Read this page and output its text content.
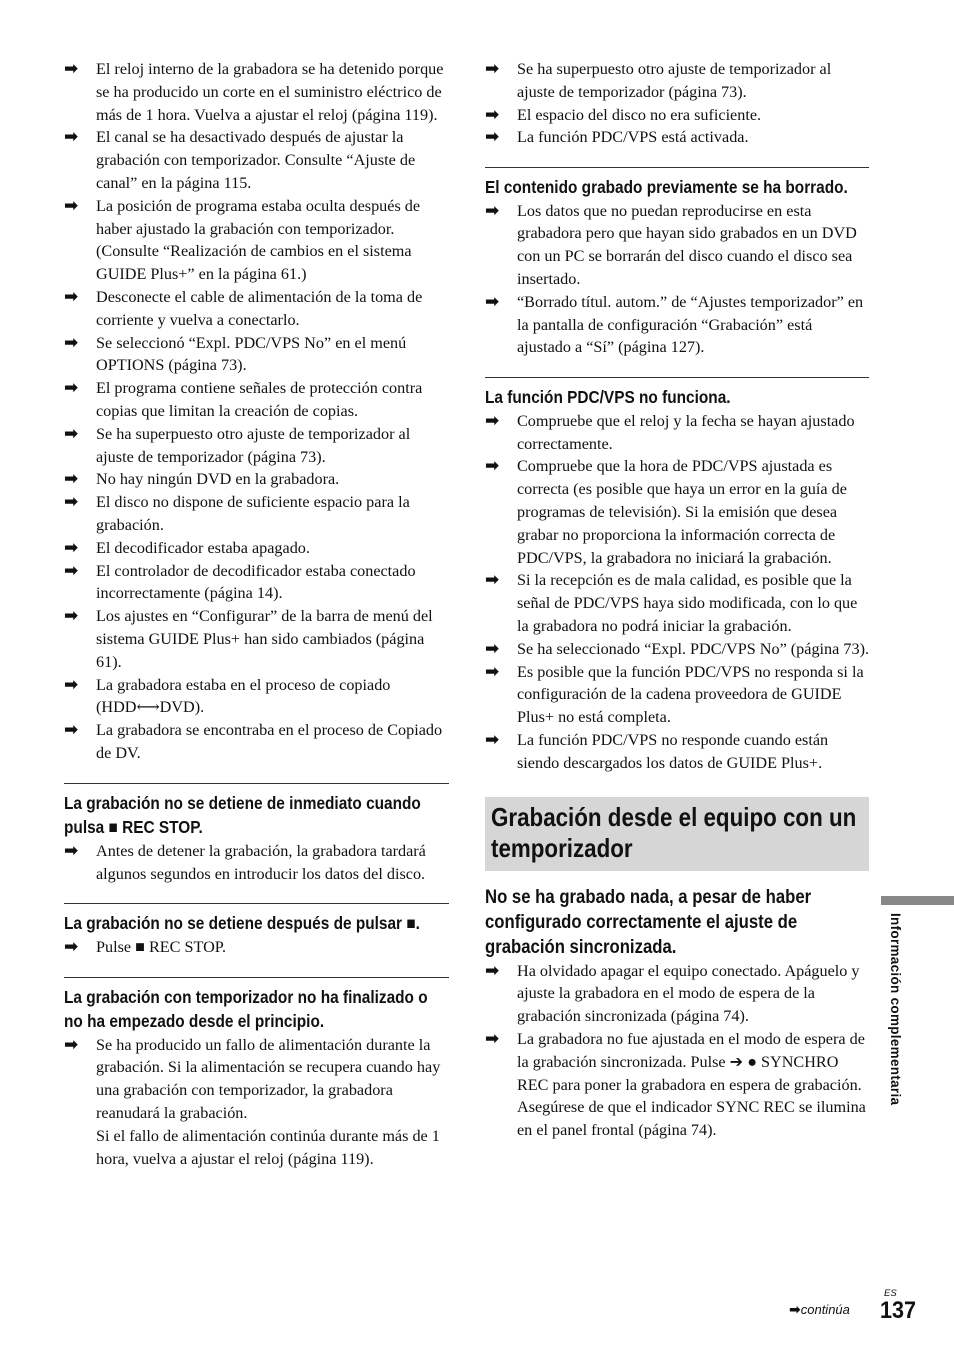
➡ El reloj interno de la grabadora se ha detenido porque se ha producido un corte en el suministro eléctrico de más de 1 hora. Vuelva a ajustar el reloj (página 119).
➡ El canal se ha desactivado después de ajustar la grabación con temporizador. Consulte “Ajuste de canal” en la página 115.
➡ La posición de programa estaba oculta después de haber ajustado la grabación con temporizador. (Consulte “Realización de cambios en el sistema GUIDE Plus+” en la página 61.)
➡ Desconecte el cable de alimentación de la toma de corriente y vuelva a conectarlo.
➡ Se seleccionó “Expl. PDC/VPS No” en el menú OPTIONS (página 73).
➡ El programa contiene señales de protección contra copias que limitan la creación de copias.
➡ Se ha superpuesto otro ajuste de temporizador al ajuste de temporizador (página 73).
➡ No hay ningún DVD en la grabadora.
➡ El disco no dispone de suficiente espacio para la grabación.
➡ El decodificador estaba apagado.
➡ El controlador de decodificador estaba conectado incorrectamente (página 14).
➡ Los ajustes en “Configurar” de la barra de menú del sistema GUIDE Plus+ han sido cambiados (página 61).
➡ La grabadora estaba en el proceso de copiado (HDD⟷DVD).
➡ La grabadora se encontraba en el proceso de Copiado de DV.
La grabación no se detiene de inmediato cuando pulsa ■ REC STOP.
➡ Antes de detener la grabación, la grabadora tardará algunos segundos en introducir los datos del disco.
La grabación no se detiene después de pulsar ■.
➡ Pulse ■ REC STOP.
La grabación con temporizador no ha finalizado o no ha empezado desde el principio.
➡ Se ha producido un fallo de alimentación durante la grabación. Si la alimentación se recupera cuando hay una grabación con temporizador, la grabadora reanudará la grabación.
Si el fallo de alimentación continúa durante más de 1 hora, vuelva a ajustar el reloj (página 119).
➡ Se ha superpuesto otro ajuste de temporizador al ajuste de temporizador (página 73).
➡ El espacio del disco no era suficiente.
➡ La función PDC/VPS está activada.
El contenido grabado previamente se ha borrado.
➡ Los datos que no puedan reproducirse en esta grabadora pero que hayan sido grabados en un DVD con un PC se borrarán del disco cuando el disco sea insertado.
➡ “Borrado títul. autom.” de “Ajustes temporizador” en la pantalla de configuración “Grabación” está ajustado a “Sí” (página 127).
La función PDC/VPS no funciona.
➡ Compruebe que el reloj y la fecha se hayan ajustado correctamente.
➡ Compruebe que la hora de PDC/VPS ajustada es correcta (es posible que haya un error en la guía de programas de televisión). Si la emisión que desea grabar no proporciona la información correcta de PDC/VPS, la grabadora no iniciará la grabación.
➡ Si la recepción es de mala calidad, es posible que la señal de PDC/VPS haya sido modificada, con lo que la grabadora no podrá iniciar la grabación.
➡ Se ha seleccionado “Expl. PDC/VPS No” (página 73).
➡ Es posible que la función PDC/VPS no responda si la configuración de la cadena proveedora de GUIDE Plus+ no está completa.
➡ La función PDC/VPS no responde cuando están siendo descargados los datos de GUIDE Plus+.
Grabación desde el equipo con un temporizador
No se ha grabado nada, a pesar de haber configurado correctamente el ajuste de grabación sincronizada.
➡ Ha olvidado apagar el equipo conectado. Apáguelo y ajuste la grabadora en el modo de espera de la grabación sincronizada (página 74).
➡ La grabadora no fue ajustada en el modo de espera de la grabación sincronizada. Pulse ➔ ● SYNCHRO REC para poner la grabadora en espera de grabación. Asegúrese de que el indicador SYNC REC se ilumina en el panel frontal (página 74).
Información complementaria
➡continúa
ES
137
